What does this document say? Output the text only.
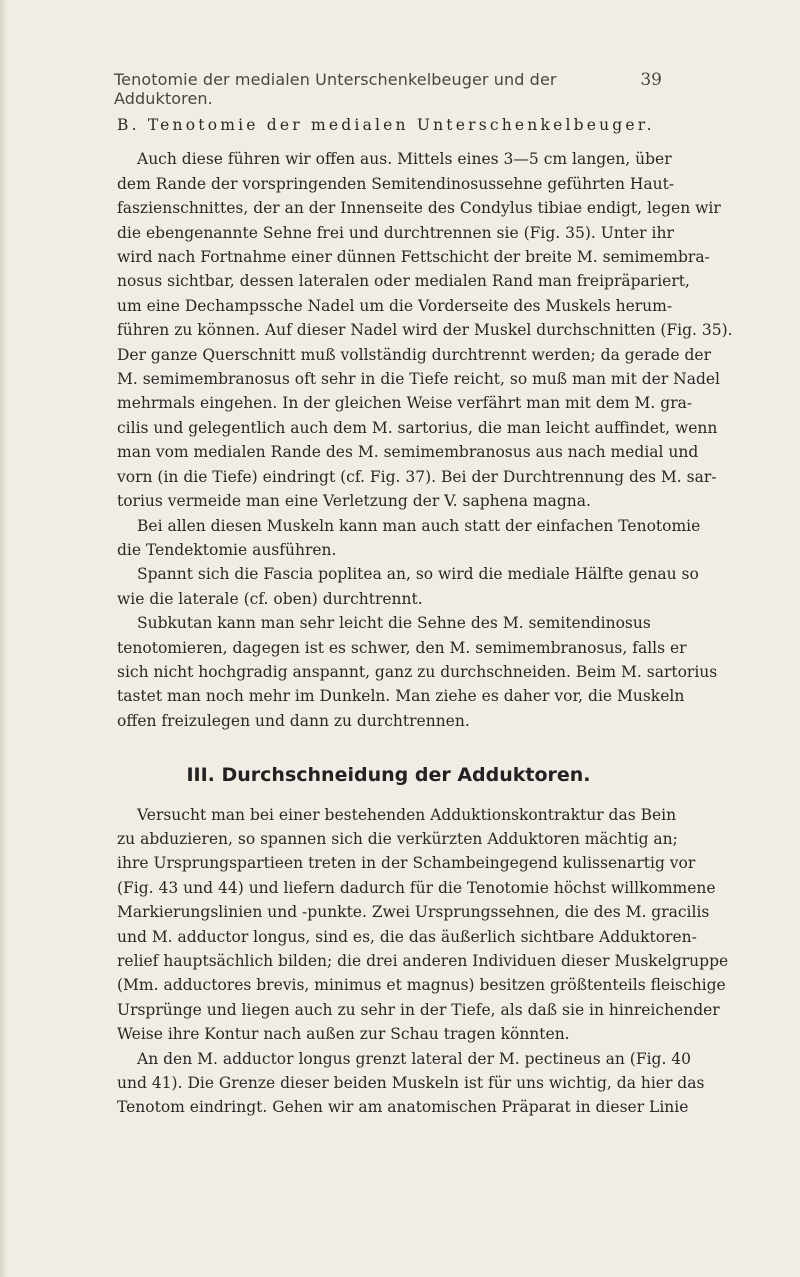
Tenotomie der medialen Unterschenkelbeuger und der Adduktoren.
39
B. Tenotomie der medialen Unterschenkelbeuger.
Auch diese führen wir offen aus. Mittels eines 3—5 cm langen, über
dem Rande der vorspringenden Semitendinosussehne geführten Haut-
faszienschnittes, der an der Innenseite des Condylus tibiae endigt, legen wir
die ebengenannte Sehne frei und durchtrennen sie (Fig. 35). Unter ihr
wird nach Fortnahme einer dünnen Fettschicht der breite M. semimembra-
nosus sichtbar, dessen lateralen oder medialen Rand man freipräpariert,
um eine Dechampssche Nadel um die Vorderseite des Muskels herum-
führen zu können. Auf dieser Nadel wird der Muskel durchschnitten (Fig. 35).
Der ganze Querschnitt muß vollständig durchtrennt werden; da gerade der
M. semimembranosus oft sehr in die Tiefe reicht, so muß man mit der Nadel
mehrmals eingehen. In der gleichen Weise verfährt man mit dem M. gra-
cilis und gelegentlich auch dem M. sartorius, die man leicht auffindet, wenn
man vom medialen Rande des M. semimembranosus aus nach medial und
vorn (in die Tiefe) eindringt (cf. Fig. 37). Bei der Durchtrennung des M. sar-
torius vermeide man eine Verletzung der V. saphena magna.
Bei allen diesen Muskeln kann man auch statt der einfachen Tenotomie
die Tendektomie ausführen.
Spannt sich die Fascia poplitea an, so wird die mediale Hälfte genau so
wie die laterale (cf. oben) durchtrennt.
Subkutan kann man sehr leicht die Sehne des M. semitendinosus
tenotomieren, dagegen ist es schwer, den M. semimembranosus, falls er
sich nicht hochgradig anspannt, ganz zu durchschneiden. Beim M. sartorius
tastet man noch mehr im Dunkeln. Man ziehe es daher vor, die Muskeln
offen freizulegen und dann zu durchtrennen.
III. Durchschneidung der Adduktoren.
Versucht man bei einer bestehenden Adduktionskontraktur das Bein
zu abduzieren, so spannen sich die verkürzten Adduktoren mächtig an;
ihre Ursprungspartieen treten in der Schambeingegend kulissenartig vor
(Fig. 43 und 44) und liefern dadurch für die Tenotomie höchst willkommene
Markierungslinien und -punkte. Zwei Ursprungssehnen, die des M. gracilis
und M. adductor longus, sind es, die das äußerlich sichtbare Adduktoren-
relief hauptsächlich bilden; die drei anderen Individuen dieser Muskelgruppe
(Mm. adductores brevis, minimus et magnus) besitzen größtenteils fleischige
Ursprünge und liegen auch zu sehr in der Tiefe, als daß sie in hinreichender
Weise ihre Kontur nach außen zur Schau tragen könnten.
An den M. adductor longus grenzt lateral der M. pectineus an (Fig. 40
und 41). Die Grenze dieser beiden Muskeln ist für uns wichtig, da hier das
Tenotom eindringt. Gehen wir am anatomischen Präparat in dieser Linie
